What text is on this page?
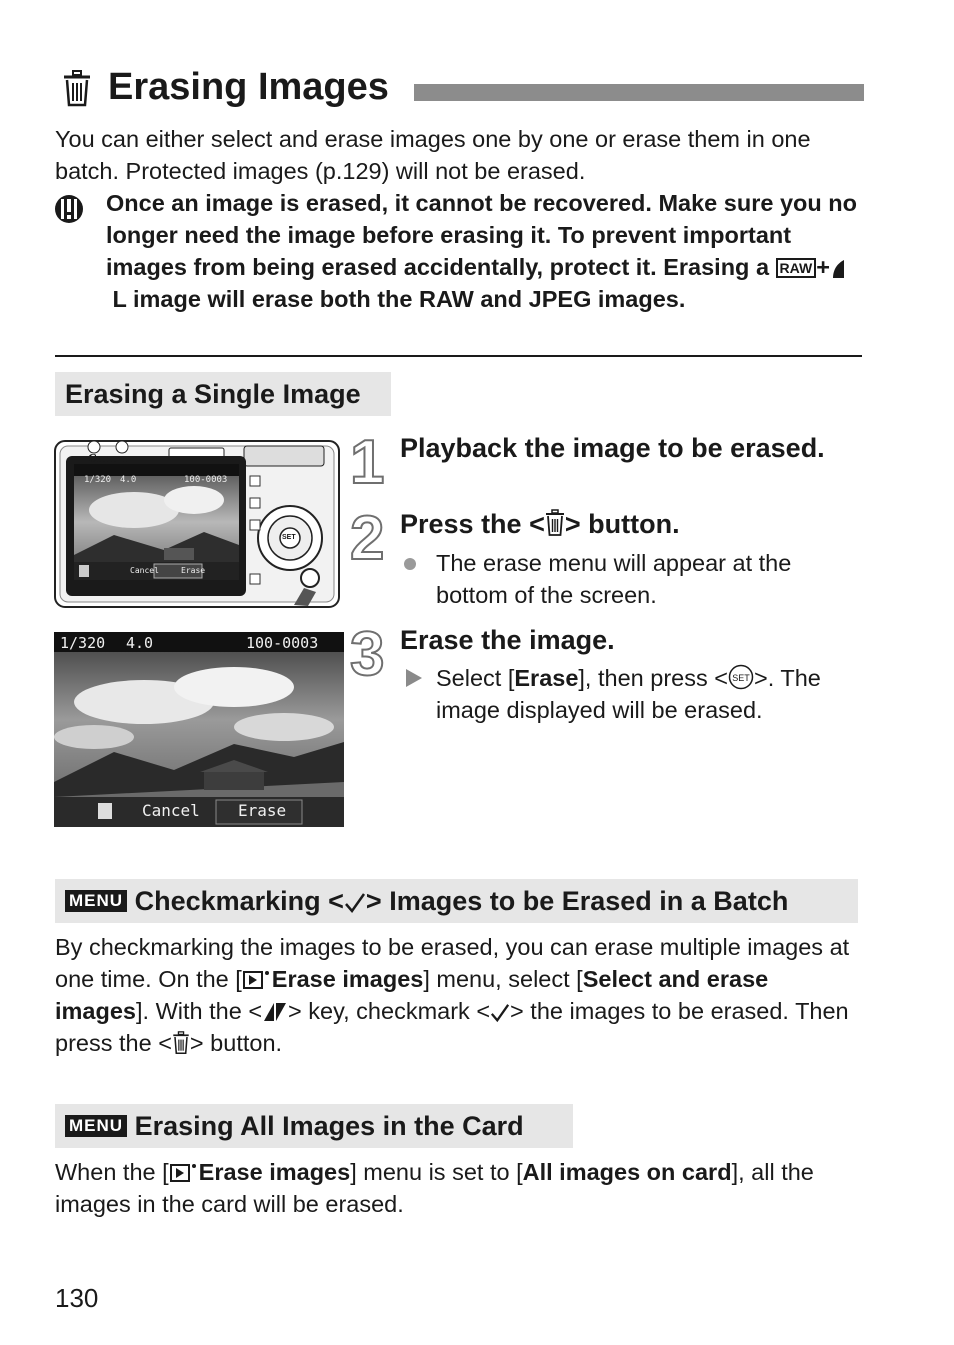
Erasing Images
You can either select and erase images one by one or erase them in one batch. Protected images (p.129) will not be erased.
Once an image is erased, it cannot be recovered. Make sure you no longer need the image before erasing it. To prevent important images from being erased accidentally, protect it. Erasing a RAW + L image will erase both the RAW and JPEG images.
Erasing a Single Image
Canon
1/320 4.0	100-0003
Cancel	Erase
SET
1/320 4.0	100-0003
Cancel Erase
1 Playback the image to be erased.
2 Press the < > button.
The erase menu will appear at the bottom of the screen.
3 Erase the image.
Select [Erase], then press < SET >. The image displayed will be erased.
MENU Checkmarking < > Images to be Erased in a Batch
By checkmarking the images to be erased, you can erase multiple images at one time. On the [ Erase images] menu, select [Select and erase images]. With the < > key, checkmark < > the images to be erased. Then press the < > button.
MENU Erasing All Images in the Card
When the [ Erase images] menu is set to [All images on card], all the images in the card will be erased.
130
